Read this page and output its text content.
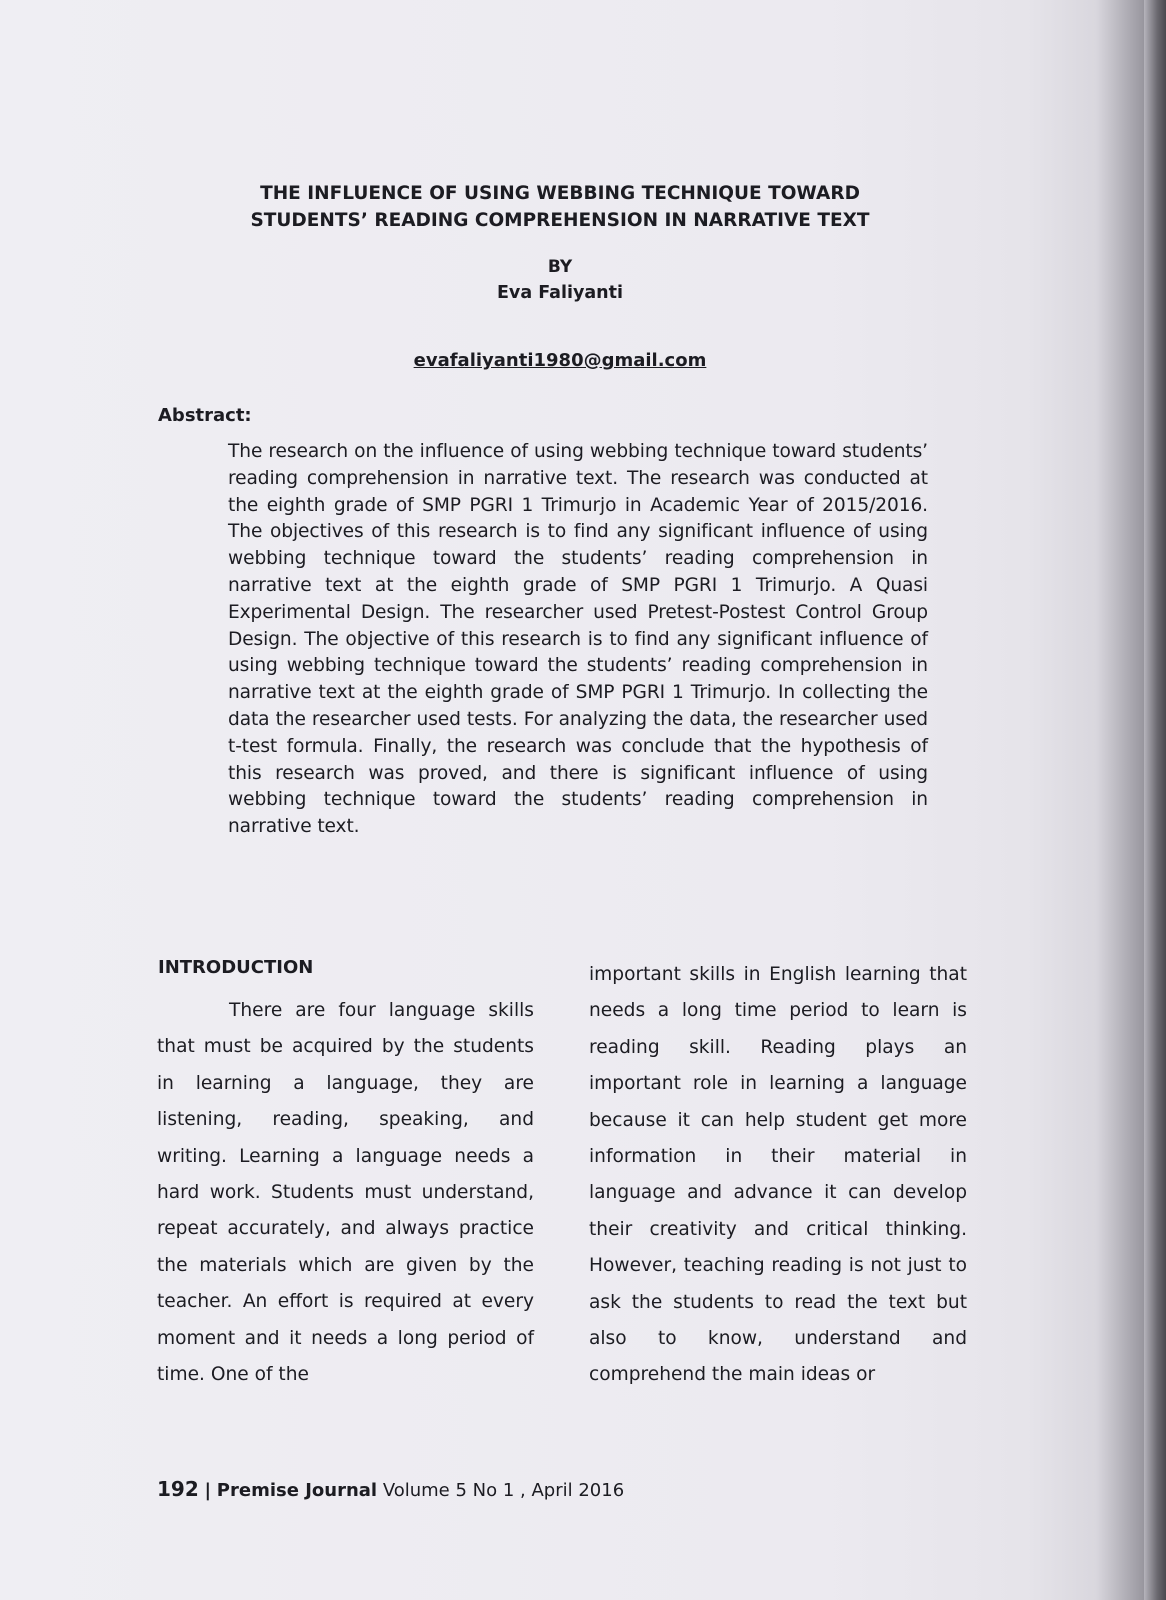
THE INFLUENCE OF USING WEBBING TECHNIQUE TOWARD
STUDENTS’ READING COMPREHENSION IN NARRATIVE TEXT
BY
Eva Faliyanti
evafaliyanti1980@gmail.com
Abstract:
The research on the influence of using webbing technique toward students’ reading comprehension in narrative text. The research was conducted at the eighth grade of SMP PGRI 1 Trimurjo in Academic Year of 2015/2016. The objectives of this research is to find any significant influence of using webbing technique toward the students’ reading comprehension in narrative text at the eighth grade of SMP PGRI 1 Trimurjo. A Quasi Experimental Design. The researcher used Pretest-Postest Control Group Design. The objective of this research is to find any significant influence of using webbing technique toward the students’ reading comprehension in narrative text at the eighth grade of SMP PGRI 1 Trimurjo. In collecting the data the researcher used tests. For analyzing the data, the researcher used t-test formula. Finally, the research was conclude that the hypothesis of this research was proved, and there is significant influence of using webbing technique toward the students’ reading comprehension in narrative text.
INTRODUCTION
There are four language skills that must be acquired by the students in learning a language, they are listening, reading, speaking, and writing. Learning a language needs a hard work. Students must understand, repeat accurately, and always practice the materials which are given by the teacher. An effort is required at every moment and it needs a long period of time. One of the
important skills in English learning that needs a long time period to learn is reading skill. Reading plays an important role in learning a language because it can help student get more information in their material in language and advance it can develop their creativity and critical thinking. However, teaching reading is not just to ask the students to read the text but also to know, understand and comprehend the main ideas or
192 | Premise Journal Volume 5 No 1 , April 2016
